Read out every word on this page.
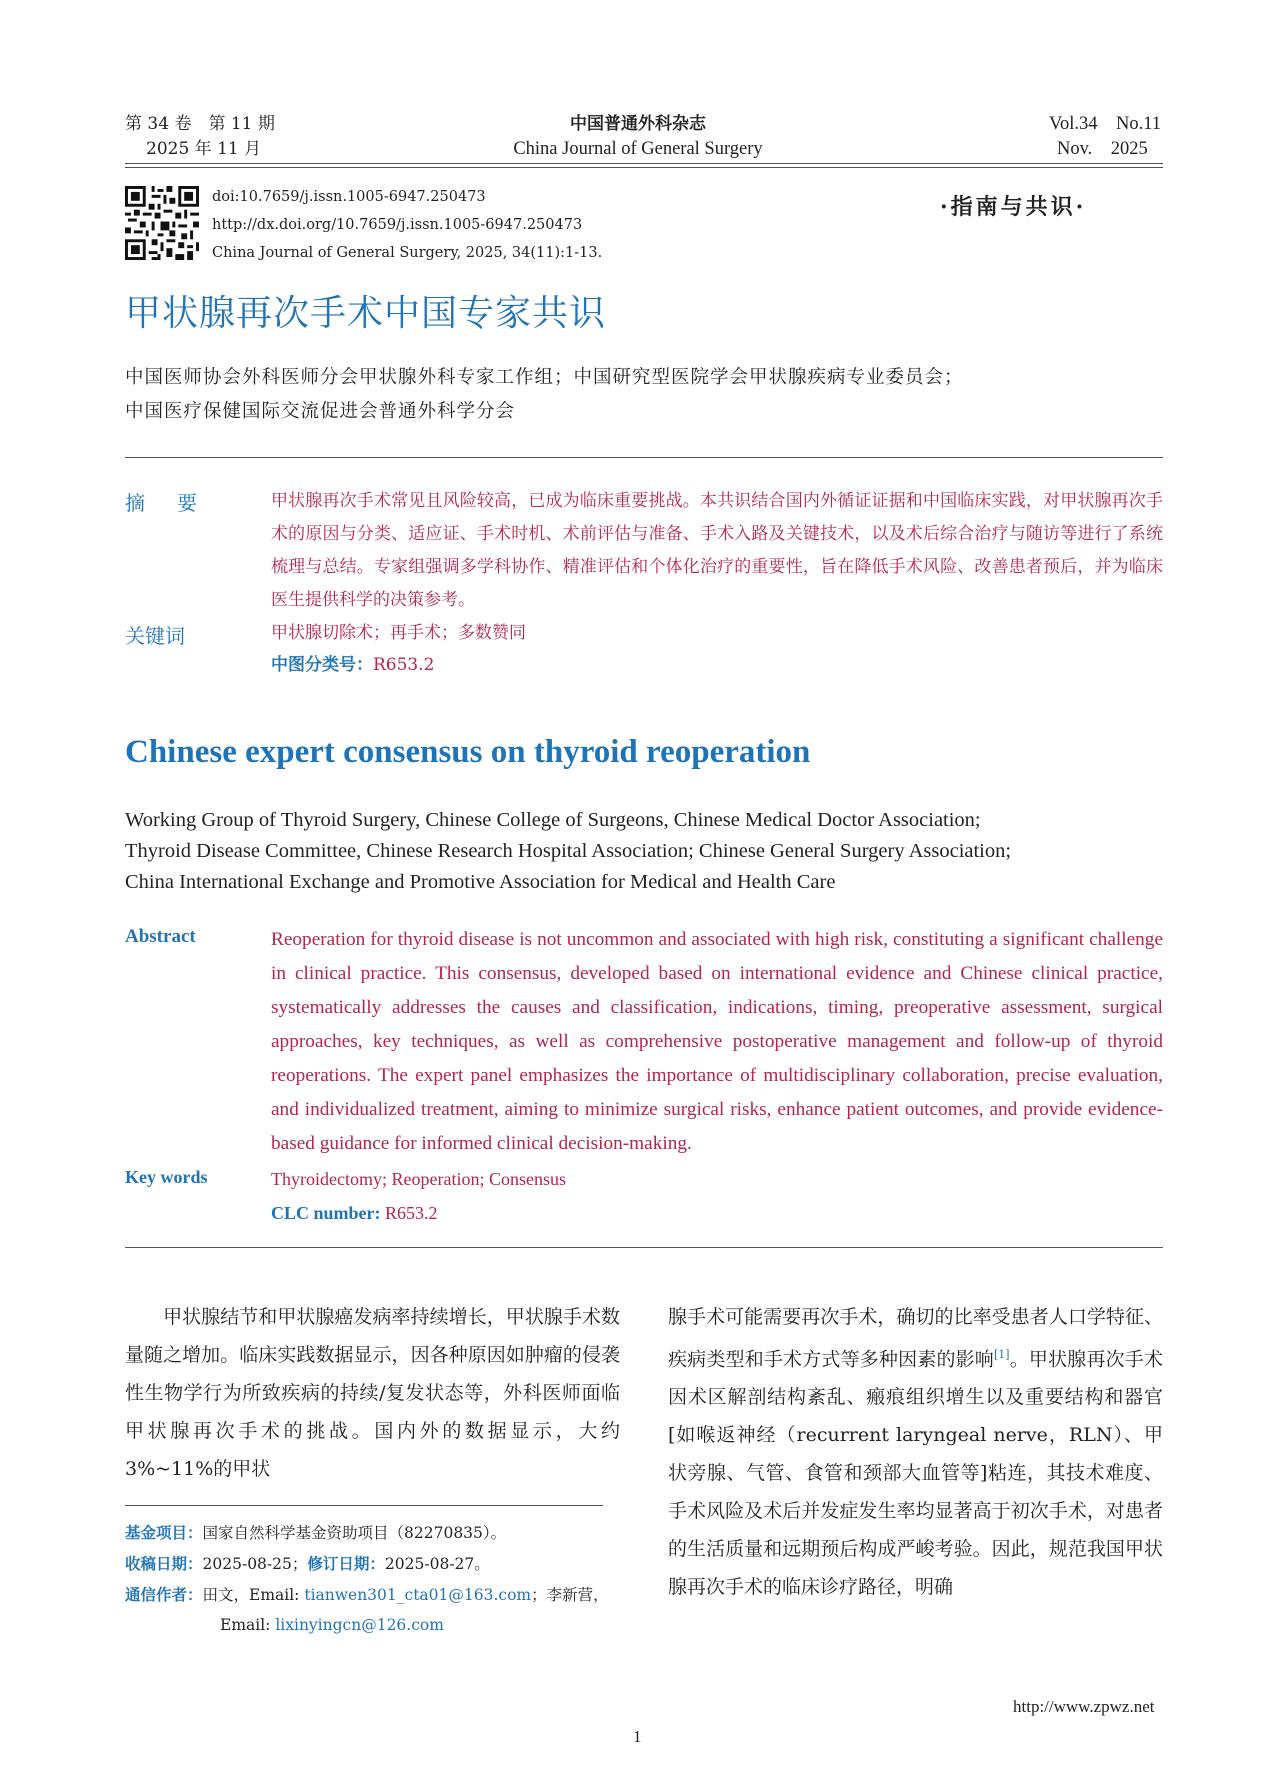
第 34 卷　第 11 期
2025 年 11 月
中国普通外科杂志
China Journal of General Surgery
Vol.34　No.11
Nov.　2025
doi:10.7659/j.issn.1005-6947.250473
http://dx.doi.org/10.7659/j.issn.1005-6947.250473
China Journal of General Surgery, 2025, 34(11):1-13.
·指南与共识·
甲状腺再次手术中国专家共识
中国医师协会外科医师分会甲状腺外科专家工作组；中国研究型医院学会甲状腺疾病专业委员会；
中国医疗保健国际交流促进会普通外科学分会
摘　要	甲状腺再次手术常见且风险较高，已成为临床重要挑战。本共识结合国内外循证证据和中国临床实践，对甲状腺再次手术的原因与分类、适应证、手术时机、术前评估与准备、手术入路及关键技术，以及术后综合治疗与随访等进行了系统梳理与总结。专家组强调多学科协作、精准评估和个体化治疗的重要性，旨在降低手术风险、改善患者预后，并为临床医生提供科学的决策参考。
关键词	甲状腺切除术；再手术；多数赞同
中图分类号：R653.2
Chinese expert consensus on thyroid reoperation
Working Group of Thyroid Surgery, Chinese College of Surgeons, Chinese Medical Doctor Association;
Thyroid Disease Committee, Chinese Research Hospital Association; Chinese General Surgery Association;
China International Exchange and Promotive Association for Medical and Health Care
Abstract	Reoperation for thyroid disease is not uncommon and associated with high risk, constituting a significant challenge in clinical practice. This consensus, developed based on international evidence and Chinese clinical practice, systematically addresses the causes and classification, indications, timing, preoperative assessment, surgical approaches, key techniques, as well as comprehensive postoperative management and follow-up of thyroid reoperations. The expert panel emphasizes the importance of multidisciplinary collaboration, precise evaluation, and individualized treatment, aiming to minimize surgical risks, enhance patient outcomes, and provide evidence-based guidance for informed clinical decision-making.
Key words	Thyroidectomy; Reoperation; Consensus
CLC number: R653.2
　　甲状腺结节和甲状腺癌发病率持续增长，甲状腺手术数量随之增加。临床实践数据显示，因各种原因如肿瘤的侵袭性生物学行为所致疾病的持续/复发状态等，外科医师面临甲状腺再次手术的挑战。国内外的数据显示，大约3%~11%的甲状
腺手术可能需要再次手术，确切的比率受患者人口学特征、疾病类型和手术方式等多种因素的影响[1]。甲状腺再次手术因术区解剖结构紊乱、瘢痕组织增生以及重要结构和器官[如喉返神经（recurrent laryngeal nerve，RLN）、甲状旁腺、气管、食管和颈部大血管等]粘连，其技术难度、手术风险及术后并发症发生率均显著高于初次手术，对患者的生活质量和远期预后构成严峻考验。因此，规范我国甲状腺再次手术的临床诊疗路径，明确
基金项目：国家自然科学基金资助项目（82270835）。
收稿日期：2025-08-25；修订日期：2025-08-27。
通信作者：田文，Email: tianwen301_cta01@163.com；李新营，
Email: lixinyingcn@126.com
http://www.zpwz.net
1
